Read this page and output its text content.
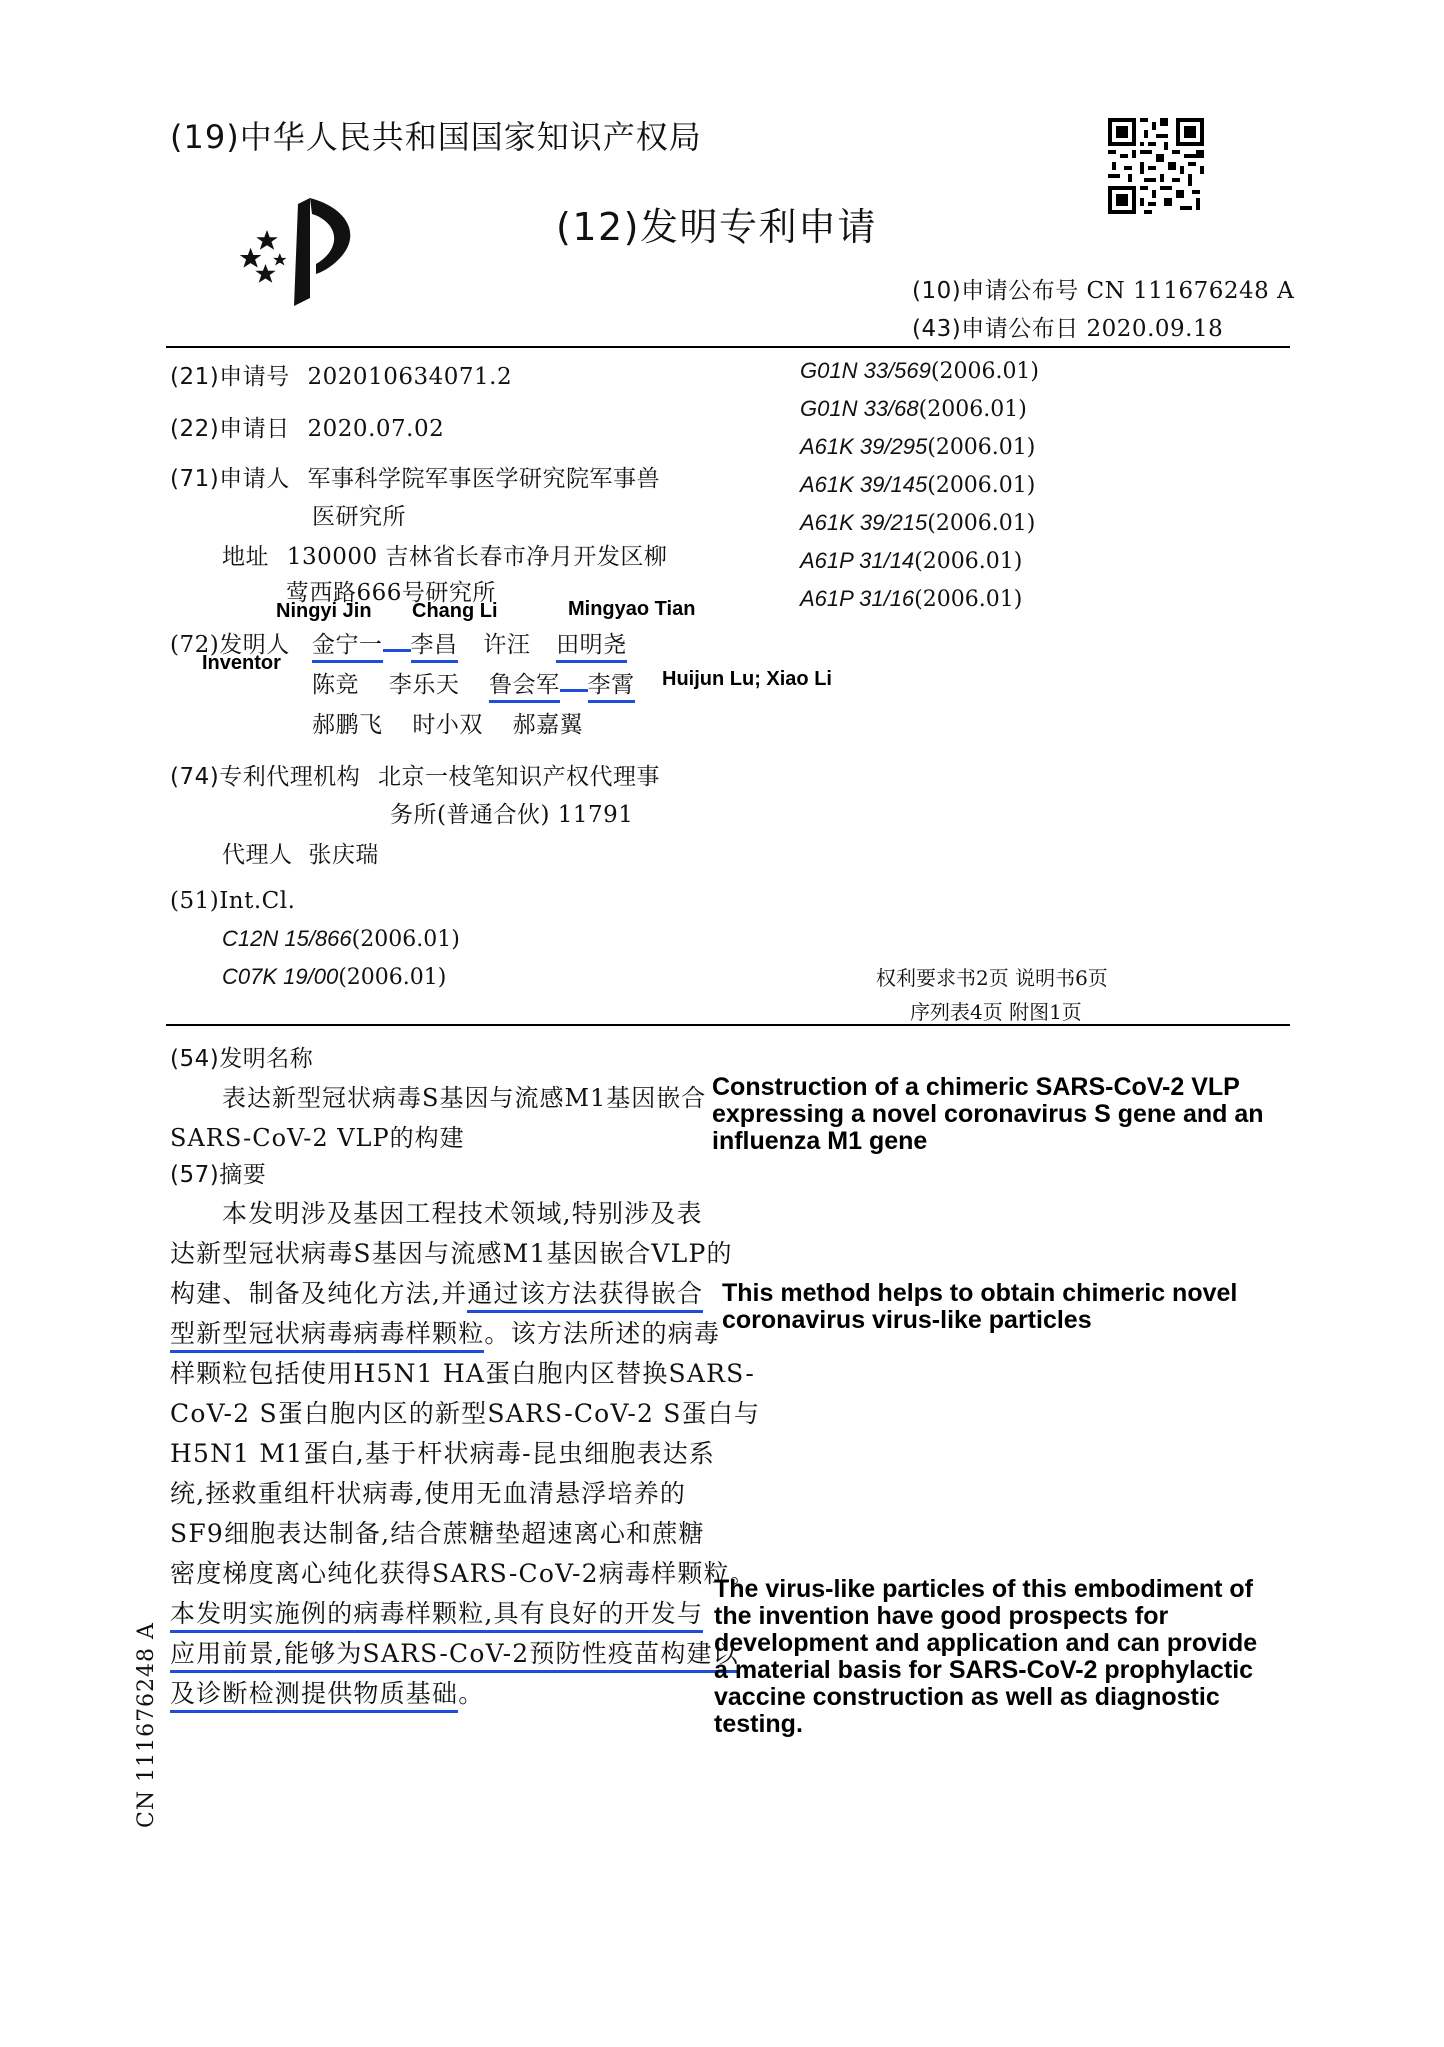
(19)中华人民共和国国家知识产权局
(12)发明专利申请
(10)申请公布号 CN 111676248 A
(43)申请公布日 2020.09.18
(21)申请号 202010634071.2
(22)申请日 2020.07.02
(71)申请人 军事科学院军事医学研究院军事兽
医研究所
地址 130000 吉林省长春市净月开发区柳
莺西路666号研究所
Ningyi Jin Chang Li	Mingyao Tian
Inventor
(72)发明人 金宁一 李昌 许汪 田明尧
陈竞 李乐天 鲁会军 李霄 Huijun Lu; Xiao Li
郝鹏飞 时小双 郝嘉翼
(74)专利代理机构 北京一枝笔知识产权代理事
务所(普通合伙) 11791
代理人 张庆瑞
(51)Int.Cl.
C12N 15/866(2006.01)
C07K 19/00(2006.01)
G01N 33/569(2006.01)
G01N 33/68(2006.01)
A61K 39/295(2006.01)
A61K 39/145(2006.01)
A61K 39/215(2006.01)
A61P 31/14(2006.01)
A61P 31/16(2006.01)
权利要求书2页 说明书6页
序列表4页 附图1页
(54)发明名称
表达新型冠状病毒S基因与流感M1基因嵌合
SARS-CoV-2 VLP的构建
Construction of a chimeric SARS-CoV-2 VLP
expressing a novel coronavirus S gene and an
influenza M1 gene
(57)摘要
本发明涉及基因工程技术领域,特别涉及表
达新型冠状病毒S基因与流感M1基因嵌合VLP的
构建、制备及纯化方法,并通过该方法获得嵌合
型新型冠状病毒病毒样颗粒。该方法所述的病毒
样颗粒包括使用H5N1 HA蛋白胞内区替换SARS-
CoV-2 S蛋白胞内区的新型SARS-CoV-2 S蛋白与
H5N1 M1蛋白,基于杆状病毒-昆虫细胞表达系
统,拯救重组杆状病毒,使用无血清悬浮培养的
SF9细胞表达制备,结合蔗糖垫超速离心和蔗糖
密度梯度离心纯化获得SARS-CoV-2病毒样颗粒。
本发明实施例的病毒样颗粒,具有良好的开发与
应用前景,能够为SARS-CoV-2预防性疫苗构建以
及诊断检测提供物质基础。
This method helps to obtain chimeric novel
coronavirus virus-like particles
The virus-like particles of this embodiment of
the invention have good prospects for
development and application and can provide
a material basis for SARS-CoV-2 prophylactic
vaccine construction as well as diagnostic
testing.
CN 111676248 A
